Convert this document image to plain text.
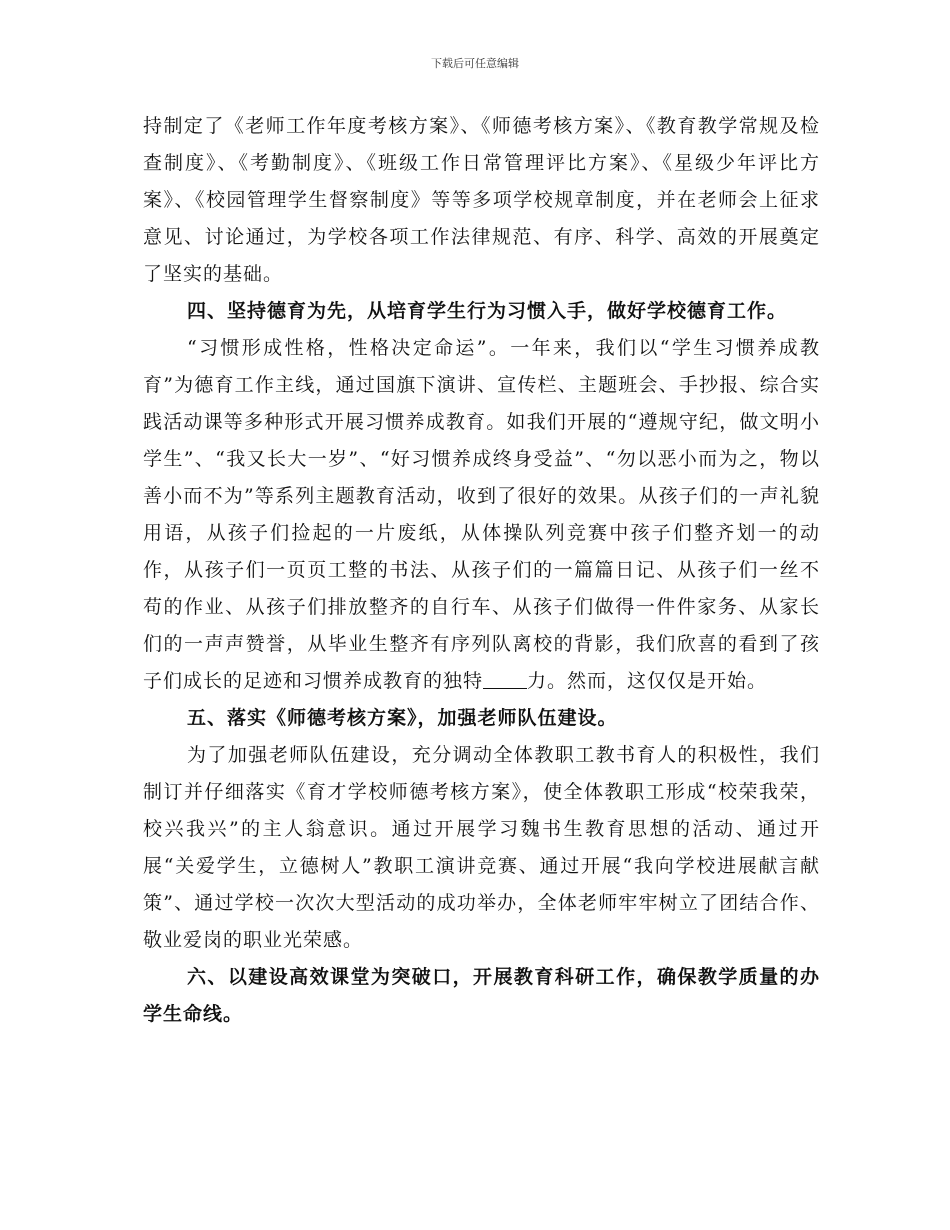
下载后可任意编辑

持制定了《老师工作年度考核方案》、《师德考核方案》、《教育教学常规及检查制度》、《考勤制度》、《班级工作日常管理评比方案》、《星级少年评比方案》、《校园管理学生督察制度》等等多项学校规章制度，并在老师会上征求意见、讨论通过，为学校各项工作法律规范、有序、科学、高效的开展奠定了坚实的基础。

四、坚持德育为先，从培育学生行为习惯入手，做好学校德育工作。

“习惯形成性格，性格决定命运”。一年来，我们以“学生习惯养成教育”为德育工作主线，通过国旗下演讲、宣传栏、主题班会、手抄报、综合实践活动课等多种形式开展习惯养成教育。如我们开展的“遵规守纪，做文明小学生”、“我又长大一岁”、“好习惯养成终身受益”、“勿以恶小而为之，物以善小而不为”等系列主题教育活动，收到了很好的效果。从孩子们的一声礼貌用语，从孩子们捡起的一片废纸，从体操队列竞赛中孩子们整齐划一的动作，从孩子们一页页工整的书法、从孩子们的一篇篇日记、从孩子们一丝不苟的作业、从孩子们排放整齐的自行车、从孩子们做得一件件家务、从家长们的一声声赞誉，从毕业生整齐有序列队离校的背影，我们欣喜的看到了孩子们成长的足迹和习惯养成教育的独特 力。然而，这仅仅是开始。

五、落实《师德考核方案》，加强老师队伍建设。

为了加强老师队伍建设，充分调动全体教职工教书育人的积极性，我们制订并仔细落实《育才学校师德考核方案》，使全体教职工形成“校荣我荣，校兴我兴”的主人翁意识。通过开展学习魏书生教育思想的活动、通过开展“关爱学生，立德树人”教职工演讲竞赛、通过开展“我向学校进展献言献策”、通过学校一次次大型活动的成功举办，全体老师牢牢树立了团结合作、敬业爱岗的职业光荣感。

六、以建设高效课堂为突破口，开展教育科研工作，确保教学质量的办学生命线。
